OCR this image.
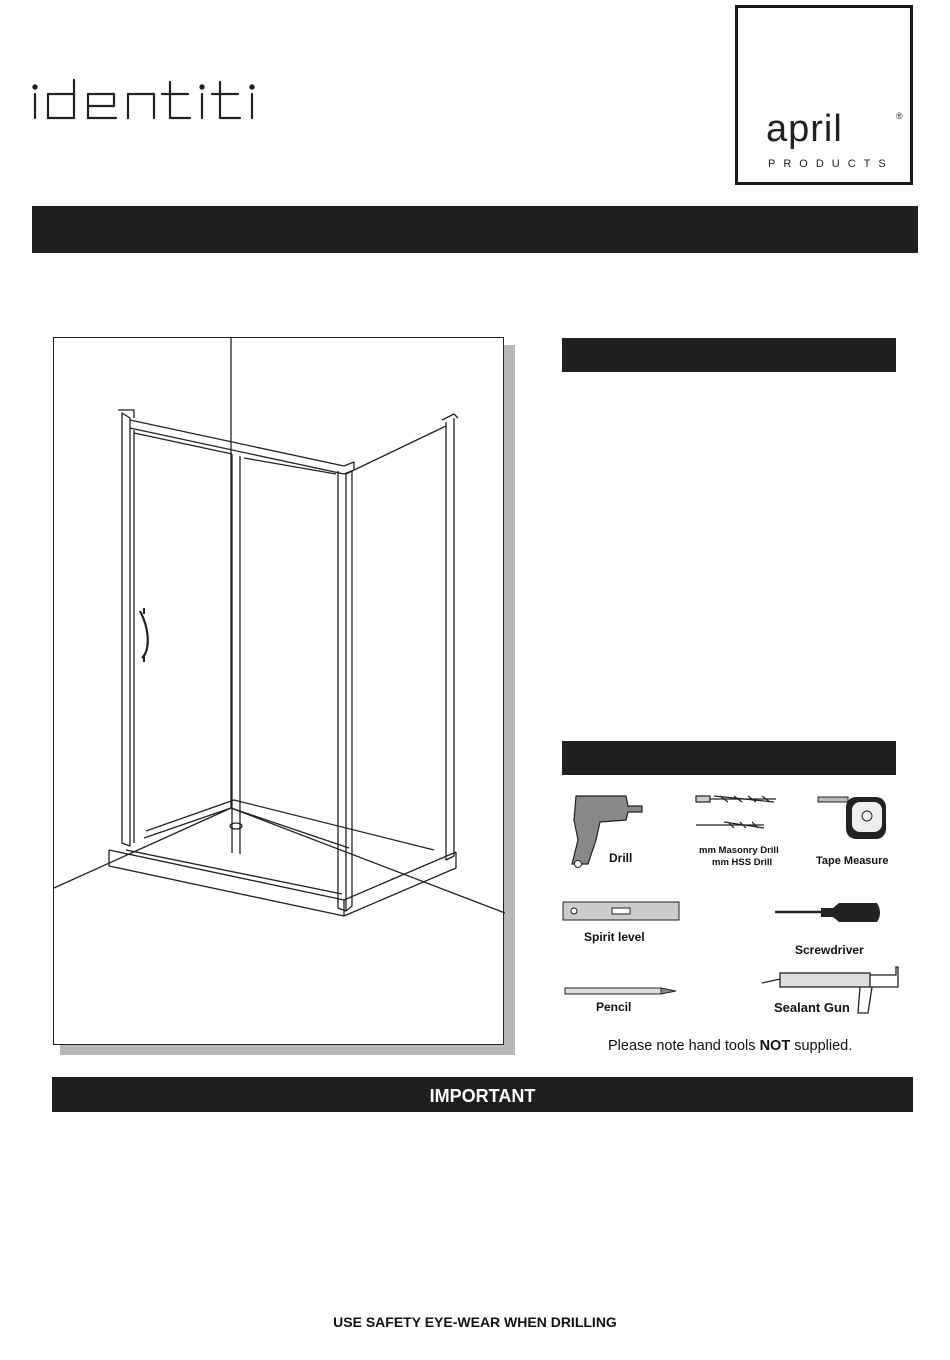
april	®
PRODUCTS
Drill
mm Masonry Drill
mm HSS Drill	Tape Measure
Spirit level
Screwdriver
Pencil	Sealant Gun
Please note hand tools NOT supplied.
IMPORTANT
USE SAFETY EYE-WEAR WHEN DRILLING
